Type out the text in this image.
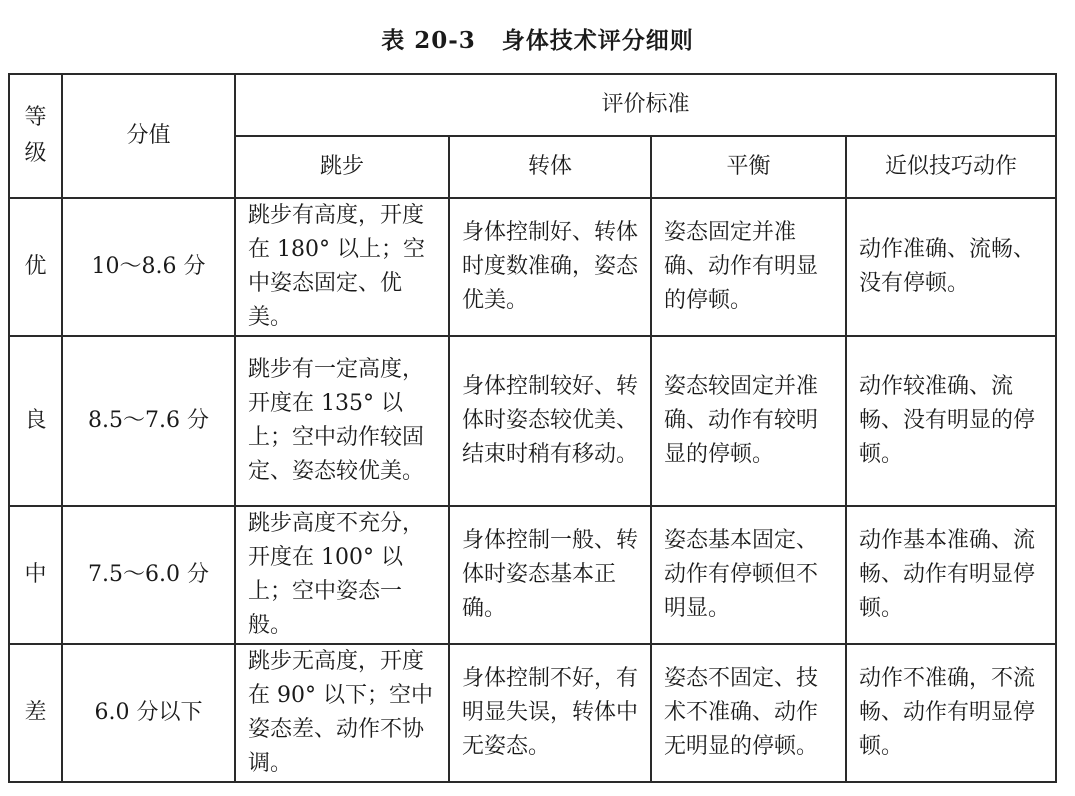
表 20-3 身体技术评分细则
等
级	分值	评价标准			
		跳步	转体	平衡	近似技巧动作
优	10～8.6 分	跳步有高度，开度在 180° 以上；空中姿态固定、优美。	身体控制好、转体时度数准确，姿态优美。	姿态固定并准确、动作有明显的停顿。	动作准确、流畅、没有停顿。
良	8.5～7.6 分	跳步有一定高度，开度在 135° 以上；空中动作较固定、姿态较优美。	身体控制较好、转体时姿态较优美、结束时稍有移动。	姿态较固定并准确、动作有较明显的停顿。	动作较准确、流畅、没有明显的停顿。
中	7.5～6.0 分	跳步高度不充分，开度在 100° 以上；空中姿态一般。	身体控制一般、转体时姿态基本正确。	姿态基本固定、动作有停顿但不明显。	动作基本准确、流畅、动作有明显停顿。
差	6.0 分以下	跳步无高度，开度在 90° 以下；空中姿态差、动作不协调。	身体控制不好，有明显失误，转体中无姿态。	姿态不固定、技术不准确、动作无明显的停顿。	动作不准确，不流畅、动作有明显停顿。
